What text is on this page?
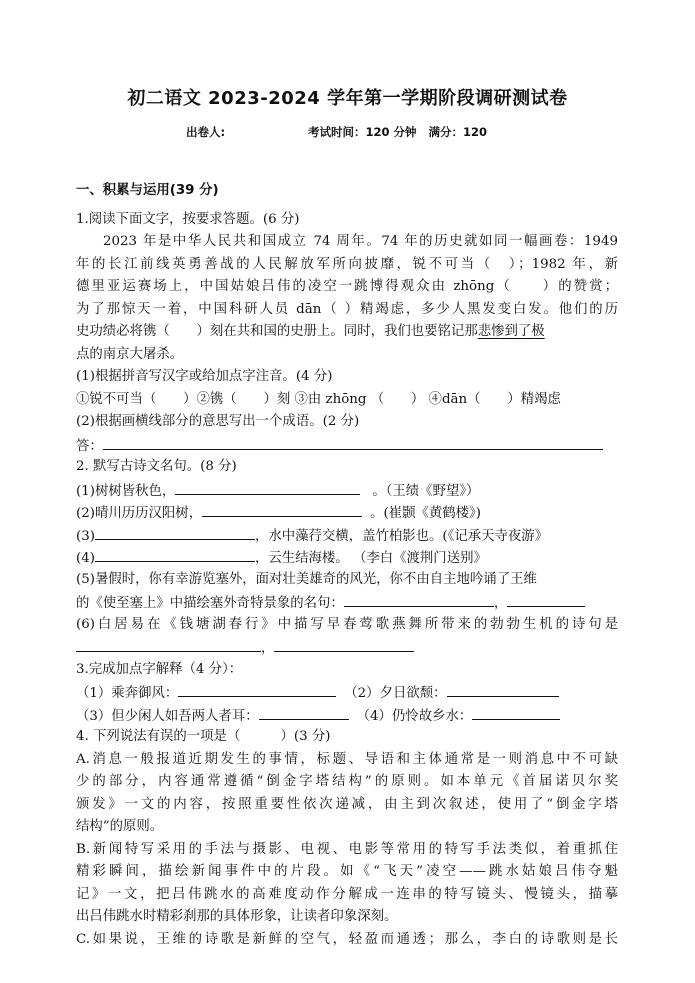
初二语文 2023-2024 学年第一学期阶段调研测试卷
出卷人:	考试时间：120 分钟 满分：120
一、积累与运用(39 分)
1.阅读下面文字，按要求答题。(6 分)
2023 年是中华人民共和国成立 74 周年。74 年的历史就如同一幅画卷：1949
年的长江前线英勇善战的人民解放军所向披靡，锐不可当（　）；1982 年，新
德里亚运赛场上，中国姑娘吕伟的凌空一跳博得观众由 zhōng（　　）的赞赏；
为了那惊天一着，中国科研人员 dān（ ）精竭虑，多少人黑发变白发。他们的历
史功绩必将镌（　　）刻在共和国的史册上。同时，我们也要铭记那悲惨到了极
点的南京大屠杀。
(1)根据拼音写汉字或给加点字注音。(4 分)
①锐不可当（　　）②镌（　　）刻 ③由 zhōng （　　） ④dān（　　）精竭虑
(2)根据画横线部分的意思写出一个成语。(2 分)
答：
2. 默写古诗文名句。(8 分)
(1)树树皆秋色，	。（王绩《野望》）
(2)晴川历历汉阳树，	。(崔颢《黄鹤楼》)
(3)	，水中藻荇交横，盖竹柏影也。(《记承天寺夜游》
(4)	，云生结海楼。 （李白《渡荆门送别》
(5)暑假时，你有幸游览塞外，面对壮美雄奇的风光，你不由自主地吟诵了王维
的《使至塞上》中描绘塞外奇特景象的名句：	，
(6)白居易在《钱塘湖春行》中描写早春莺歌燕舞所带来的勃勃生机的诗句是
，
3.完成加点字解释（4 分）：
（1）乘奔御风：	（2）夕日欲颓：
（3）但少闲人如吾两人者耳：	（4）仍怜故乡水：
4. 下列说法有误的一项是（　　　）(3 分)
A.消息一般报道近期发生的事情，标题、导语和主体通常是一则消息中不可缺
少的部分，内容通常遵循“倒金字塔结构”的原则。如本单元《首届诺贝尔奖
颁发》一文的内容，按照重要性依次递减，由主到次叙述，使用了“倒金字塔
结构”的原则。
B.新闻特写采用的手法与摄影、电视、电影等常用的特写手法类似，着重抓住
精彩瞬间，描绘新闻事件中的片段。如《“飞天”凌空——跳水姑娘吕伟夺魁
记》一文，把吕伟跳水的高难度动作分解成一连串的特写镜头、慢镜头，描摹
出吕伟跳水时精彩刹那的具体形象，让读者印象深刻。
C.如果说，王维的诗歌是新鲜的空气，轻盈而通透；那么，李白的诗歌则是长
